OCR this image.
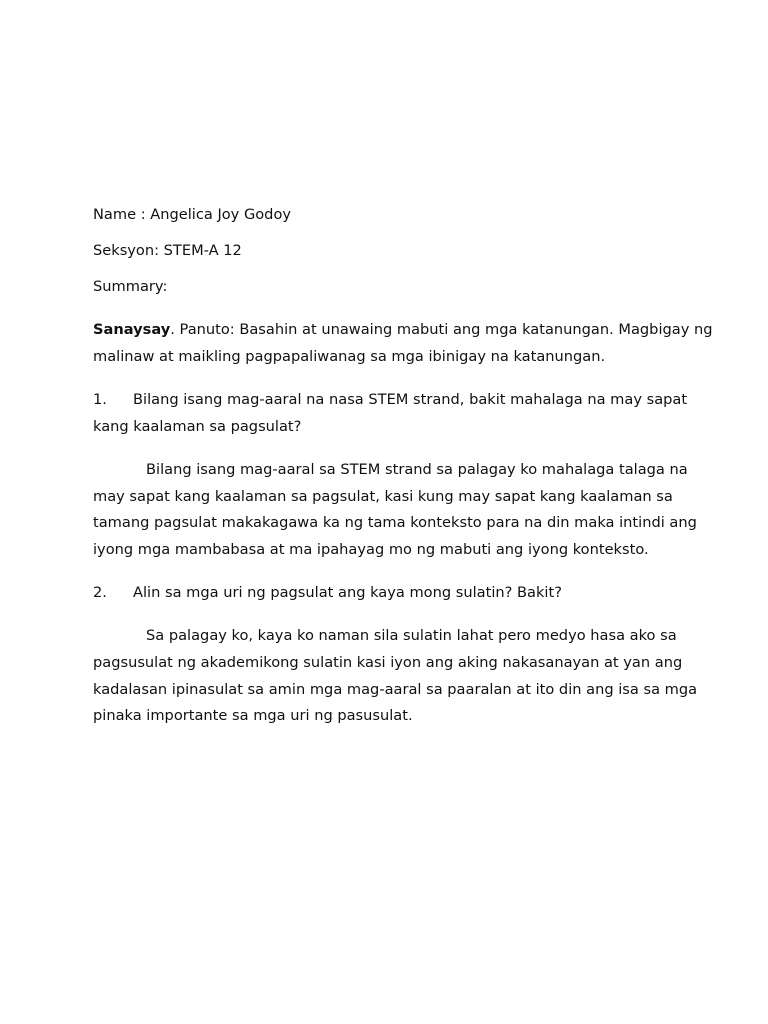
Name : Angelica Joy Godoy
Seksyon: STEM-A 12
Summary:
Sanaysay. Panuto: Basahin at unawaing mabuti ang mga katanungan. Magbigay ng
malinaw at maikling pagpapaliwanag sa mga ibinigay na katanungan.
1. Bilang isang mag-aaral na nasa STEM strand, bakit mahalaga na may sapat
kang kaalaman sa pagsulat?
Bilang isang mag-aaral sa STEM strand sa palagay ko mahalaga talaga na
may sapat kang kaalaman sa pagsulat, kasi kung may sapat kang kaalaman sa
tamang pagsulat makakagawa ka ng tama konteksto para na din maka intindi ang
iyong mga mambabasa at ma ipahayag mo ng mabuti ang iyong konteksto.
2. Alin sa mga uri ng pagsulat ang kaya mong sulatin? Bakit?
Sa palagay ko, kaya ko naman sila sulatin lahat pero medyo hasa ako sa
pagsusulat ng akademikong sulatin kasi iyon ang aking nakasanayan at yan ang
kadalasan ipinasulat sa amin mga mag-aaral sa paaralan at ito din ang isa sa mga
pinaka importante sa mga uri ng pasusulat.
